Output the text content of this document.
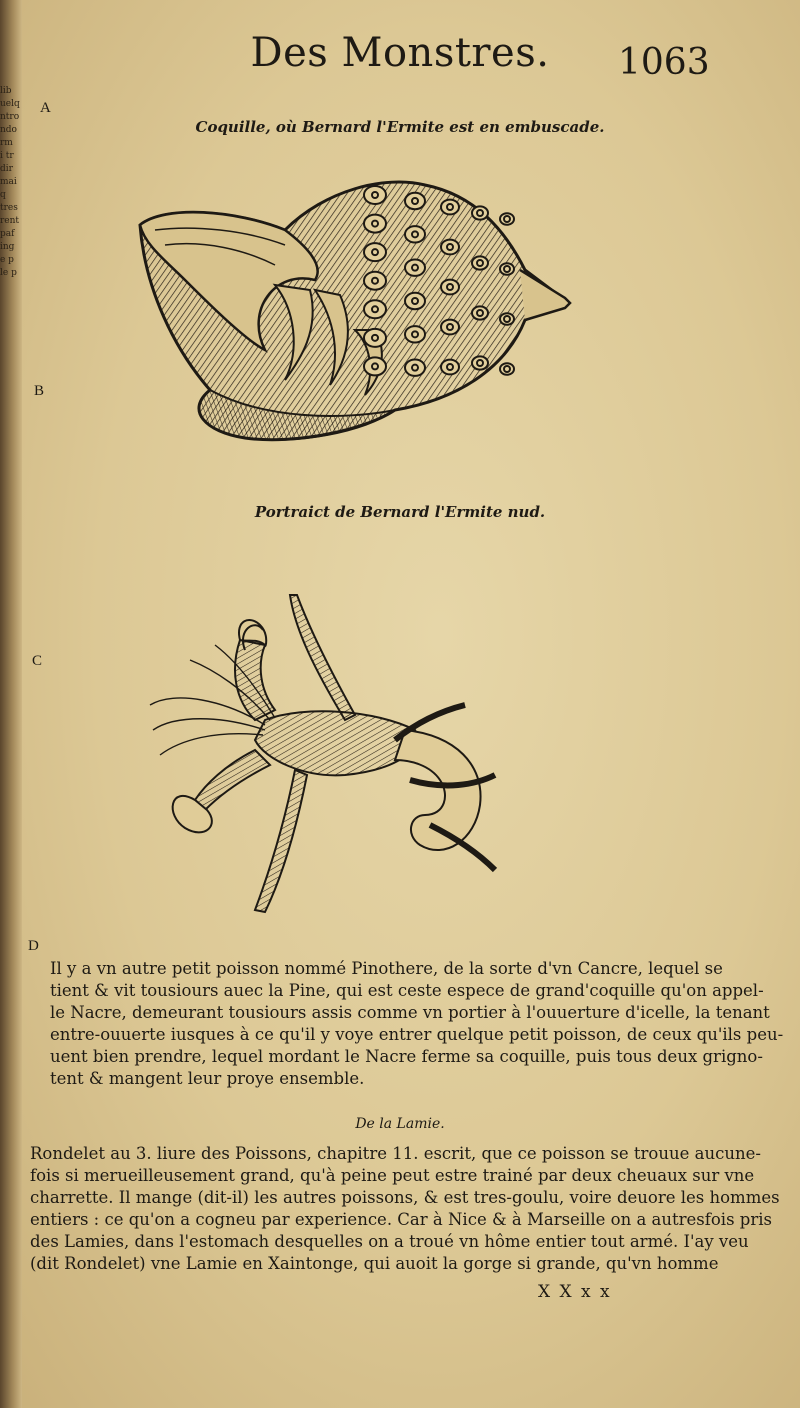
lib
uelq
ntro
ndo
rm
i tr
dir
mai
q
tres
rent
paf
ing
e p
le p
Des Monstres.	1063
A
B
C
D
Coquille, où Bernard l'Ermite est en embuscade.
Portraict de Bernard l'Ermite nud.

Il y a vn autre petit poisson nommé Pinothere, de la sorte d'vn Cancre, lequel se
tient & vit tousiours auec la Pine, qui est ceste espece de grand'coquille qu'on appel-
le Nacre, demeurant tousiours assis comme vn portier à l'ouuerture d'icelle, la tenant
entre-ouuerte iusques à ce qu'il y voye entrer quelque petit poisson, de ceux qu'ils peu-
uent bien prendre, lequel mordant le Nacre ferme sa coquille, puis tous deux grigno-
tent & mangent leur proye ensemble.

De la Lamie.

Rondelet au 3. liure des Poissons, chapitre 11. escrit, que ce poisson se trouue aucune-
fois si merueilleusement grand, qu'à peine peut estre trainé par deux cheuaux sur vne
charrette. Il mange (dit-il) les autres poissons, & est tres-goulu, voire deuore les hommes
entiers : ce qu'on a cogneu par experience. Car à Nice & à Marseille on a autresfois pris
des Lamies, dans l'estomach desquelles on a troué vn hôme entier tout armé. I'ay veu
(dit Rondelet) vne Lamie en Xaintonge, qui auoit la gorge si grande, qu'vn homme

X X x x
